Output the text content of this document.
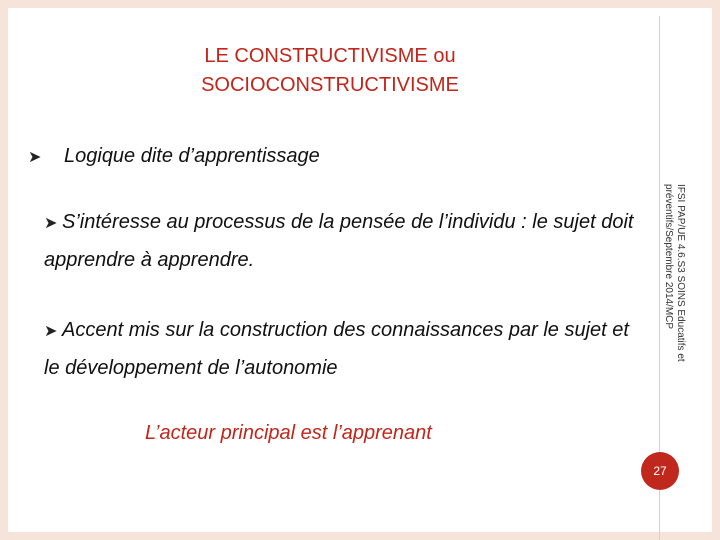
LE CONSTRUCTIVISME ou
SOCIOCONSTRUCTIVISME
➤ Logique dite d’apprentissage
➤ S’intéresse au processus de la pensée de l’individu : le sujet doit apprendre à apprendre.
➤ Accent mis sur la construction des connaissances par le sujet et le développement de l’autonomie
L’acteur principal est l’apprenant
IFSI PAP/UE 4.6.S3 SOINS Educatifs et préventifs/Septembre 2014/MCP
27
